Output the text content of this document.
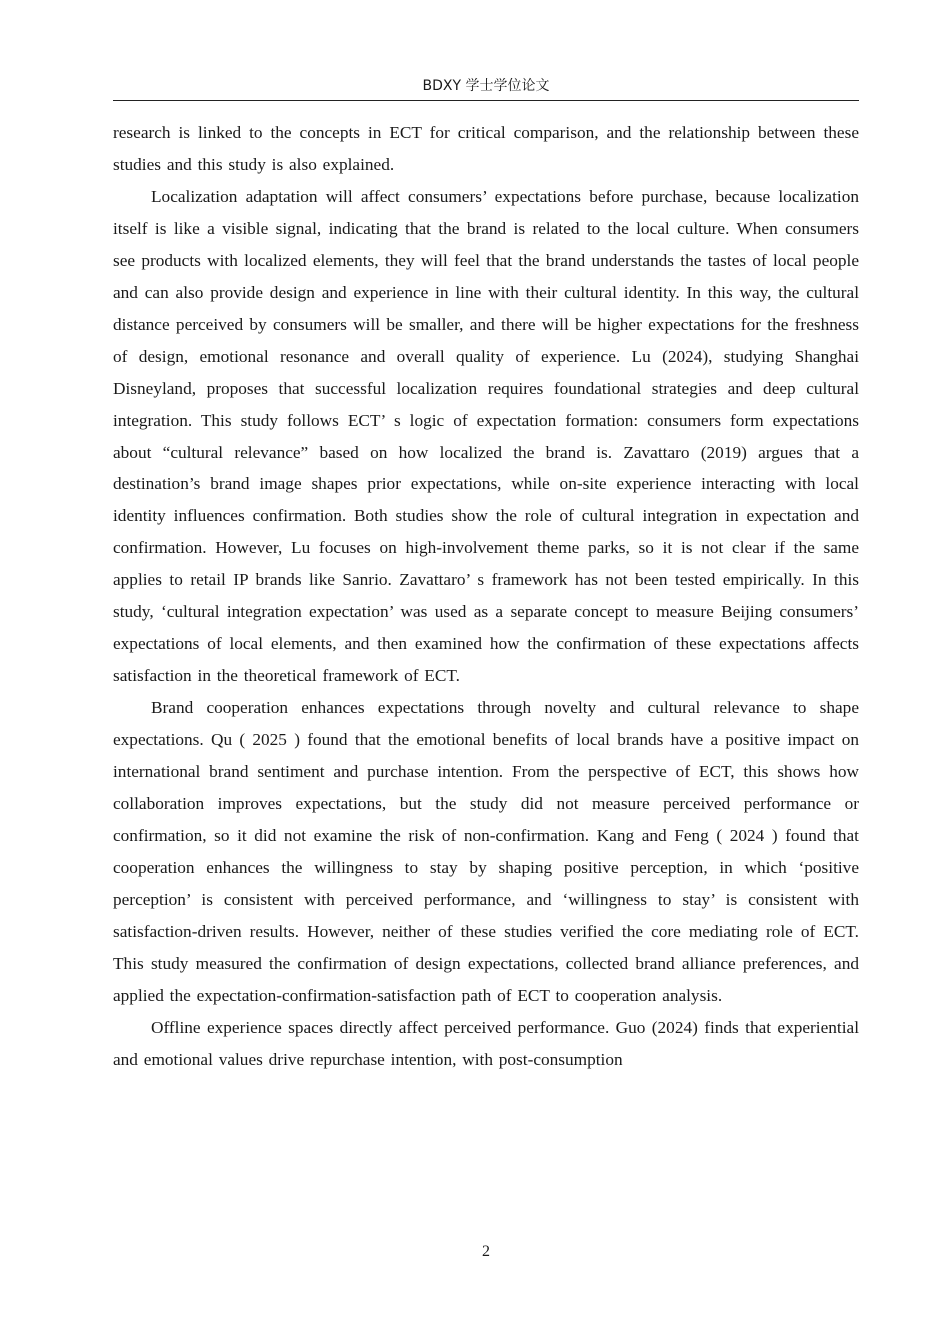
BDXY 学士学位论文

research is linked to the concepts in ECT for critical comparison, and the relationship between these studies and this study is also explained.

Localization adaptation will affect consumers’ expectations before purchase, because localization itself is like a visible signal, indicating that the brand is related to the local culture. When consumers see products with localized elements, they will feel that the brand understands the tastes of local people and can also provide design and experience in line with their cultural identity. In this way, the cultural distance perceived by consumers will be smaller, and there will be higher expectations for the freshness of design, emotional resonance and overall quality of experience. Lu (2024), studying Shanghai Disneyland, proposes that successful localization requires foundational strategies and deep cultural integration. This study follows ECT’ s logic of expectation formation: consumers form expectations about “cultural relevance” based on how localized the brand is. Zavattaro (2019) argues that a destination’s brand image shapes prior expectations, while on-site experience interacting with local identity influences confirmation. Both studies show the role of cultural integration in expectation and confirmation. However, Lu focuses on high-involvement theme parks, so it is not clear if the same applies to retail IP brands like Sanrio. Zavattaro’ s framework has not been tested empirically. In this study, ‘cultural integration expectation’ was used as a separate concept to measure Beijing consumers’ expectations of local elements, and then examined how the confirmation of these expectations affects satisfaction in the theoretical framework of ECT.

Brand cooperation enhances expectations through novelty and cultural relevance to shape expectations. Qu ( 2025 ) found that the emotional benefits of local brands have a positive impact on international brand sentiment and purchase intention. From the perspective of ECT, this shows how collaboration improves expectations, but the study did not measure perceived performance or confirmation, so it did not examine the risk of non-confirmation. Kang and Feng ( 2024 ) found that cooperation enhances the willingness to stay by shaping positive perception, in which ‘positive perception’ is consistent with perceived performance, and ‘willingness to stay’ is consistent with satisfaction-driven results. However, neither of these studies verified the core mediating role of ECT. This study measured the confirmation of design expectations, collected brand alliance preferences, and applied the expectation-confirmation-satisfaction path of ECT to cooperation analysis.

Offline experience spaces directly affect perceived performance. Guo (2024) finds that experiential and emotional values drive repurchase intention, with post-consumption

2
